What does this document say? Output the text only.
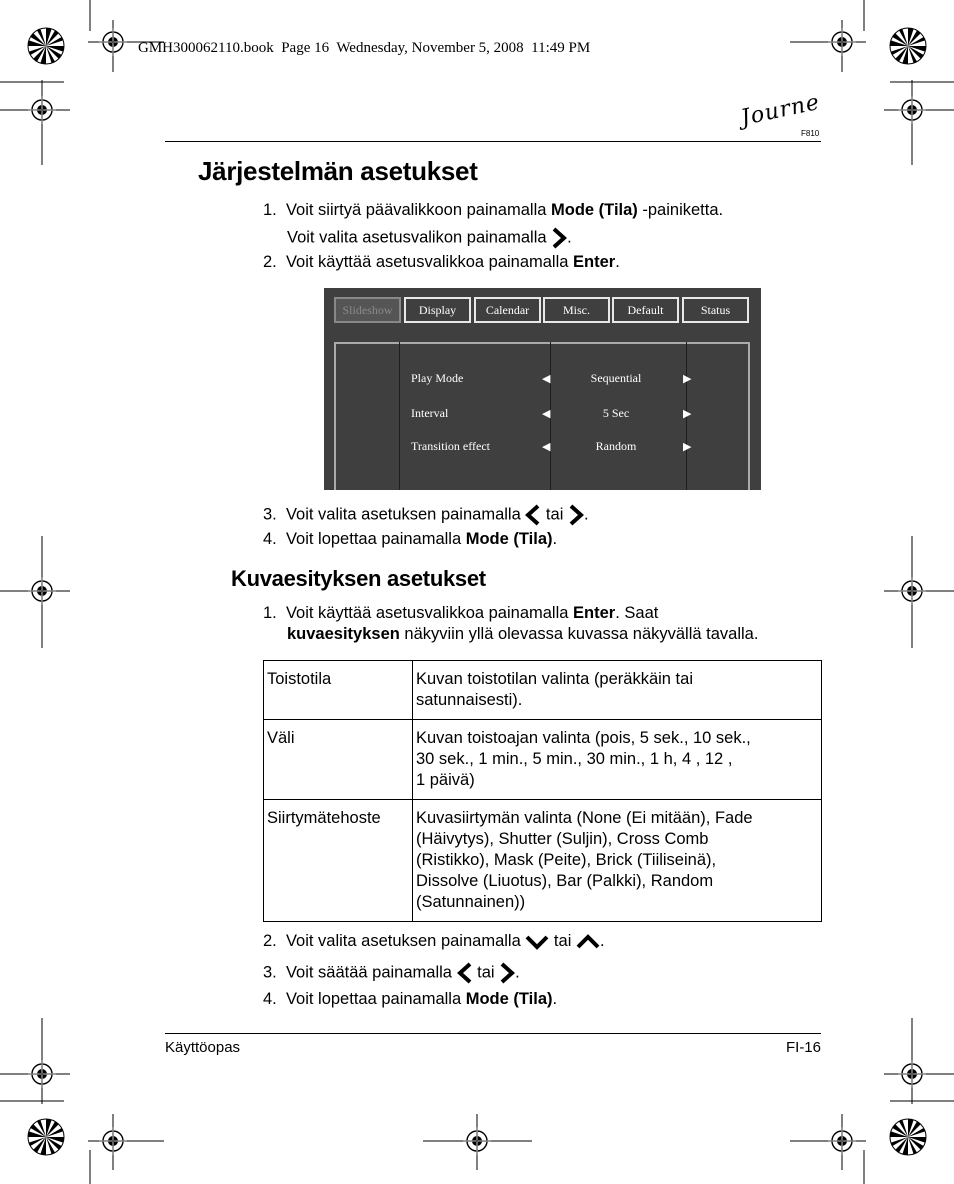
GMH300062110.book  Page 16  Wednesday, November 5, 2008  11:49 PM
Journe
F810
Järjestelmän asetukset
1. Voit siirtyä päävalikkoon painamalla Mode (Tila) -painiketta.
Voit valita asetusvalikon painamalla .
2. Voit käyttää asetusvalikkoa painamalla Enter.
Slideshow	Display	Calendar	Misc.	Default	Status
Play Mode	◀	Sequential	▶
Interval	◀	5 Sec	▶
Transition effect	◀	Random	▶
3. Voit valita asetuksen painamalla  tai .
4. Voit lopettaa painamalla Mode (Tila).
Kuvaesityksen asetukset
1. Voit käyttää asetusvalikkoa painamalla Enter. Saat
kuvaesityksen näkyviin yllä olevassa kuvassa näkyvällä tavalla.
Toistotila	Kuvan toistotilan valinta (peräkkäin tai
satunnaisesti).

Väli	Kuvan toistoajan valinta (pois, 5 sek., 10 sek.,
30 sek., 1 min., 5 min., 30 min., 1 h, 4 , 12 ,
1 päivä)

Siirtymätehoste	Kuvasiirtymän valinta (None (Ei mitään), Fade
(Häivytys), Shutter (Suljin), Cross Comb
(Ristikko), Mask (Peite), Brick (Tiiliseinä),
Dissolve (Liuotus), Bar (Palkki), Random
(Satunnainen))
2. Voit valita asetuksen painamalla  tai .
3. Voit säätää painamalla  tai .
4. Voit lopettaa painamalla Mode (Tila).
Käyttöopas	FI-16
